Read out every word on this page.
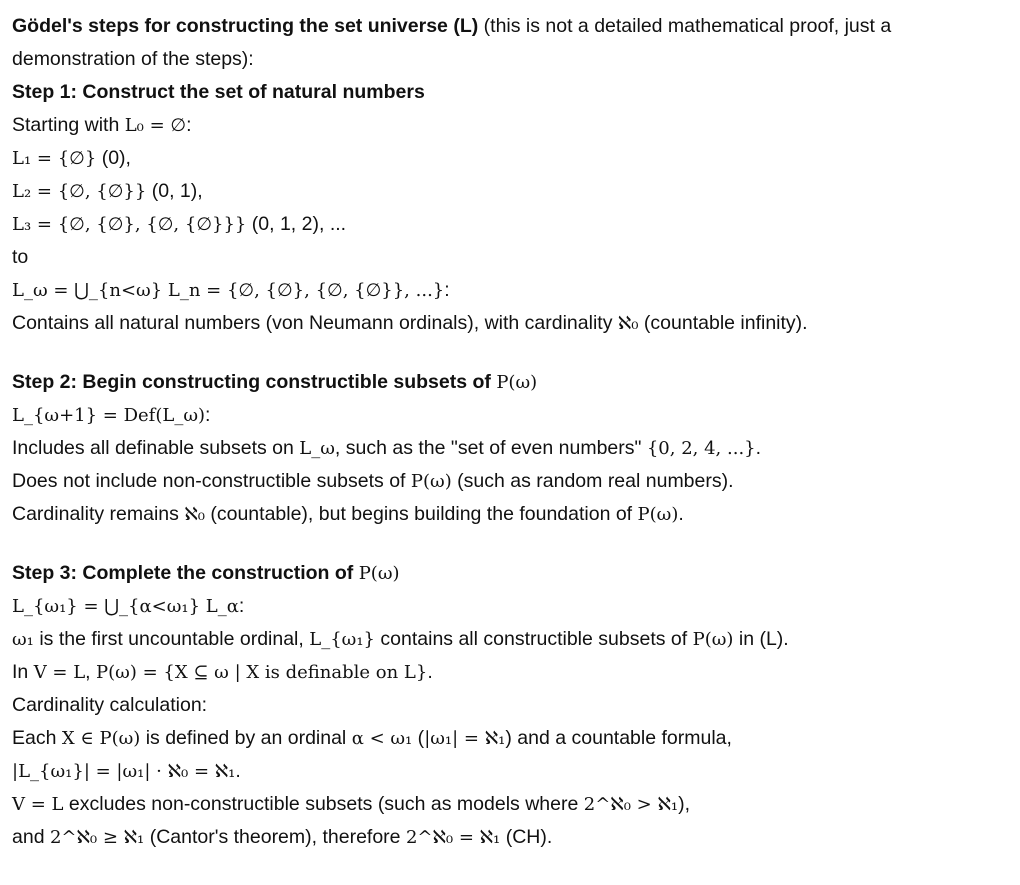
Gödel's steps for constructing the set universe (L) (this is not a detailed mathematical proof, just a
demonstration of the steps):
Step 1: Construct the set of natural numbers
Starting with L₀ = ∅:
L₁ = {∅} (0),
L₂ = {∅, {∅}} (0, 1),
L₃ = {∅, {∅}, {∅, {∅}}} (0, 1, 2), ...
to
L_ω = ⋃_{n<ω} L_n = {∅, {∅}, {∅, {∅}}, ...}:
Contains all natural numbers (von Neumann ordinals), with cardinality ℵ₀ (countable infinity).
Step 2: Begin constructing constructible subsets of P(ω)
L_{ω+1} = Def(L_ω):
Includes all definable subsets on L_ω, such as the "set of even numbers" {0, 2, 4, ...}.
Does not include non-constructible subsets of P(ω) (such as random real numbers).
Cardinality remains ℵ₀ (countable), but begins building the foundation of P(ω).
Step 3: Complete the construction of P(ω)
L_{ω₁} = ⋃_{α<ω₁} L_α:
ω₁ is the first uncountable ordinal, L_{ω₁} contains all constructible subsets of P(ω) in (L).
In V = L, P(ω) = {X ⊆ ω | X is definable on L}.
Cardinality calculation:
Each X ∈ P(ω) is defined by an ordinal α < ω₁ (|ω₁| = ℵ₁) and a countable formula,
|L_{ω₁}| = |ω₁| · ℵ₀ = ℵ₁.
V = L excludes non-constructible subsets (such as models where 2^ℵ₀ > ℵ₁),
and 2^ℵ₀ ≥ ℵ₁ (Cantor's theorem), therefore 2^ℵ₀ = ℵ₁ (CH).
